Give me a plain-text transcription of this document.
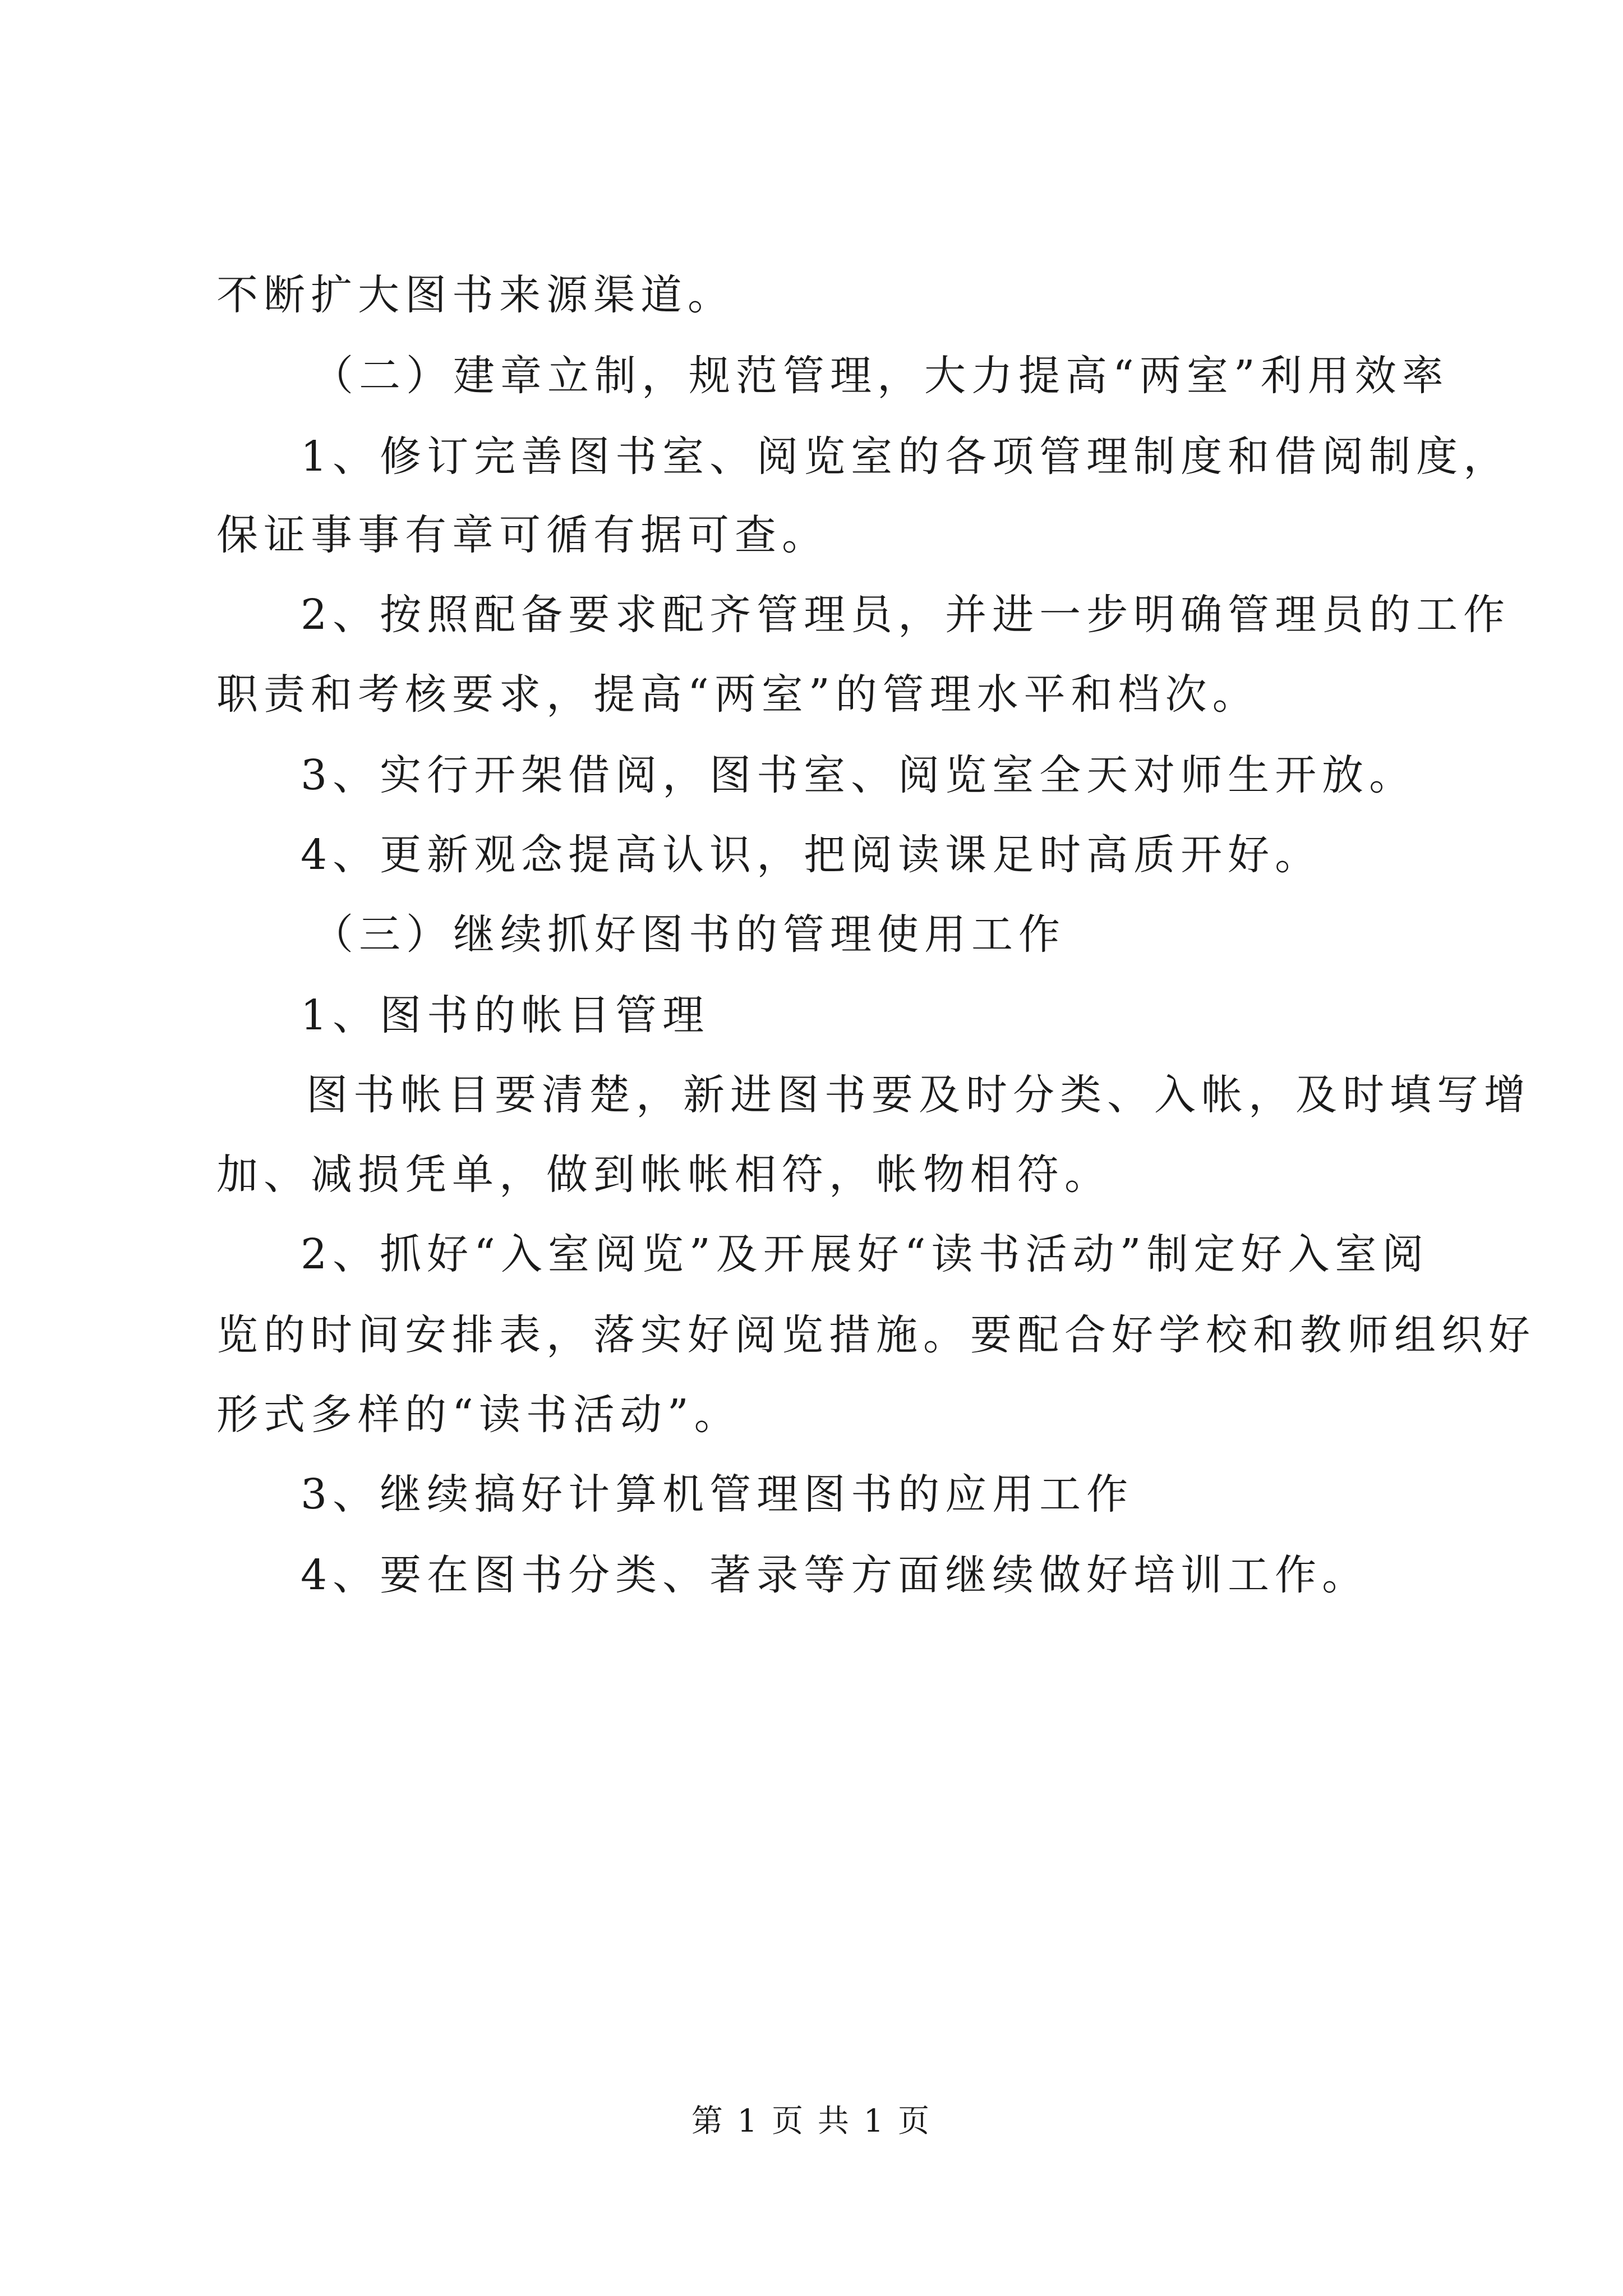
不断扩大图书来源渠道。
（二）建章立制，规范管理，大力提高“两室”利用效率
1、修订完善图书室、阅览室的各项管理制度和借阅制度，
保证事事有章可循有据可查。
2、按照配备要求配齐管理员，并进一步明确管理员的工作
职责和考核要求，提高“两室”的管理水平和档次。
3、实行开架借阅，图书室、阅览室全天对师生开放。
4、更新观念提高认识，把阅读课足时高质开好。
（三）继续抓好图书的管理使用工作
1、图书的帐目管理
图书帐目要清楚，新进图书要及时分类、入帐，及时填写增
加、减损凭单，做到帐帐相符，帐物相符。
2、抓好“入室阅览”及开展好“读书活动”制定好入室阅
览的时间安排表，落实好阅览措施。要配合好学校和教师组织好
形式多样的“读书活动”。
3、继续搞好计算机管理图书的应用工作
4、要在图书分类、著录等方面继续做好培训工作。
第 1 页 共 1 页
